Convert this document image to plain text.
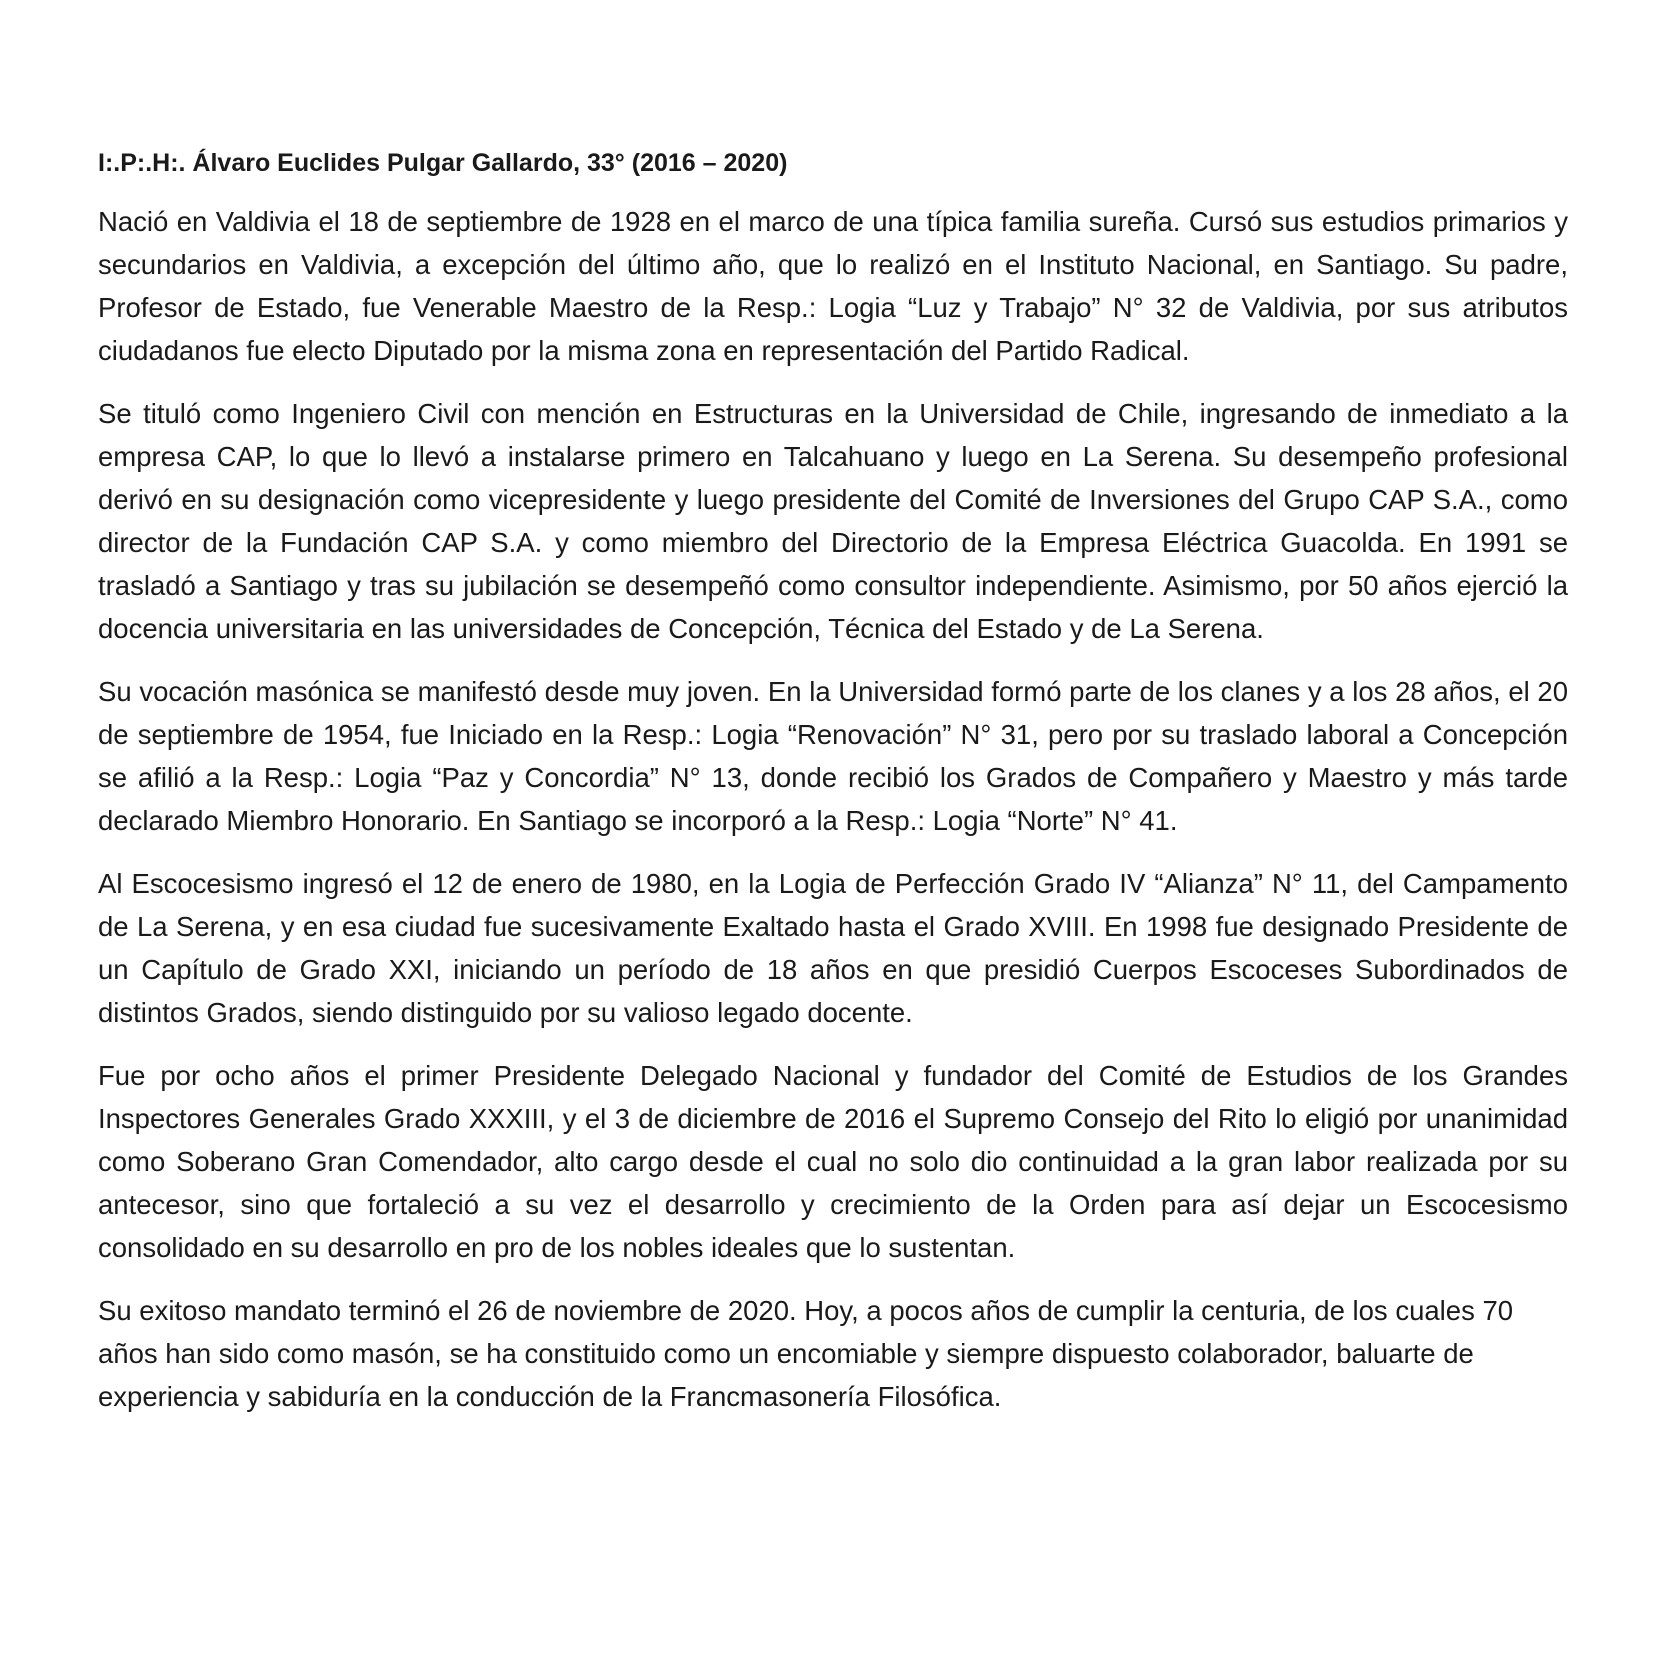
I:.P:.H:. Álvaro Euclides Pulgar Gallardo, 33° (2016 – 2020)

Nació en Valdivia el 18 de septiembre de 1928 en el marco de una típica familia sureña. Cursó sus estudios primarios y secundarios en Valdivia, a excepción del último año, que lo realizó en el Instituto Nacional, en Santiago. Su padre, Profesor de Estado, fue Venerable Maestro de la Resp.: Logia “Luz y Trabajo” N° 32 de Valdivia, por sus atributos ciudadanos fue electo Diputado por la misma zona en representación del Partido Radical.

Se tituló como Ingeniero Civil con mención en Estructuras en la Universidad de Chile, ingresando de inmediato a la empresa CAP, lo que lo llevó a instalarse primero en Talcahuano y luego en La Serena. Su desempeño profesional derivó en su designación como vicepresidente y luego presidente del Comité de Inversiones del Grupo CAP S.A., como director de la Fundación CAP S.A. y como miembro del Directorio de la Empresa Eléctrica Guacolda. En 1991 se trasladó a Santiago y tras su jubilación se desempeñó como consultor independiente. Asimismo, por 50 años ejerció la docencia universitaria en las universidades de Concepción, Técnica del Estado y de La Serena.

Su vocación masónica se manifestó desde muy joven. En la Universidad formó parte de los clanes y a los 28 años, el 20 de septiembre de 1954, fue Iniciado en la Resp.: Logia “Renovación” N° 31, pero por su traslado laboral a Concepción se afilió a la Resp.: Logia “Paz y Concordia” N° 13, donde recibió los Grados de Compañero y Maestro y más tarde declarado Miembro Honorario. En Santiago se incorporó a la Resp.: Logia “Norte” N° 41.

Al Escocesismo ingresó el 12 de enero de 1980, en la Logia de Perfección Grado IV “Alianza” N° 11, del Campamento de La Serena, y en esa ciudad fue sucesivamente Exaltado hasta el Grado XVIII. En 1998 fue designado Presidente de un Capítulo de Grado XXI, iniciando un período de 18 años en que presidió Cuerpos Escoceses Subordinados de distintos Grados, siendo distinguido por su valioso legado docente.

Fue por ocho años el primer Presidente Delegado Nacional y fundador del Comité de Estudios de los Grandes Inspectores Generales Grado XXXIII, y el 3 de diciembre de 2016 el Supremo Consejo del Rito lo eligió por unanimidad como Soberano Gran Comendador, alto cargo desde el cual no solo dio continuidad a la gran labor realizada por su antecesor, sino que fortaleció a su vez el desarrollo y crecimiento de la Orden para así dejar un Escocesismo consolidado en su desarrollo en pro de los nobles ideales que lo sustentan.

Su exitoso mandato terminó el 26 de noviembre de 2020. Hoy, a pocos años de cumplir la centuria, de los cuales 70 años han sido como masón, se ha constituido como un encomiable y siempre dispuesto colaborador, baluarte de experiencia y sabiduría en la conducción de la Francmasonería Filosófica.
